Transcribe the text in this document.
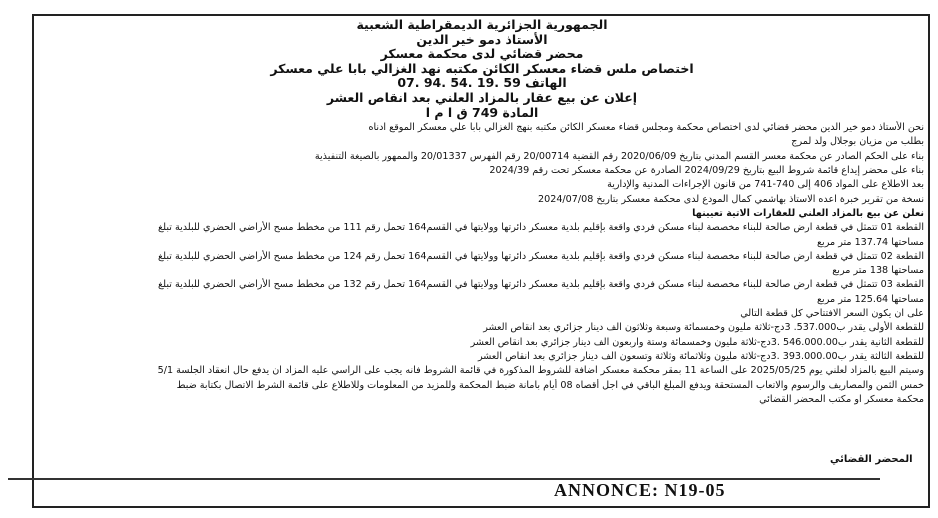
الجمهورية الجزائرية الديمقراطية الشعبية
الأستاذ دمو خير الدين
محضر قضائي لدى محكمة معسكر
اختصاص ملس قضاء معسكر الكائن مكتبه نهد الغزالي بابا علي معسكر
الهاتف 59 .19 .54 .94 .07
إعلان عن بيع عقار بالمزاد العلني بعد انقاص العشر
المادة 749 ق ا م ا
نحن الأستاذ دمو خير الدين محضر قضائي لدى اختصاص محكمة ومجلس قضاء معسكر الكائن مكتبه بنهج الغزالي بابا علي معسكر الموقع ادناه
بطلب من مزيان بوجلال ولد لمرج
بناء على الحكم الصادر عن محكمة معسر القسم المدني بتاريخ 2020/06/09 رقم القضية 20/00714 رقم الفهرس 20/01337 والممهور بالصيغة التنفيذية
بناء على محضر إيداع قائمة شروط البيع بتاريخ 2024/09/29 الصادرة عن محكمة معسكر تحت رقم 2024/39
بعد الاطلاع على المواد 406 إلى 740-741 من قانون الإجراءات المدنية والإدارية
نسخة من تقرير خبرة اعده الاستاذ بهاشمي كمال المودع لدى محكمة معسكر بتاريخ 2024/07/08
نعلن عن بيع بالمزاد العلني للعقارات الاتية تعيينها
القطعة 01 تتمثل في قطعة ارض صالحة للبناء مخصصة لبناء مسكن فردي واقعة بإقليم بلدية معسكر دائرتها وولايتها في القسم164 تحمل رقم 111 من مخطط مسح الأراضي الحضري للبلدية تبلغ
مساحتها 137.74 متر مربع
القطعة 02 تتمثل في قطعة ارض صالحة للبناء مخصصة لبناء مسكن فردي واقعة بإقليم بلدية معسكر دائرتها وولايتها في القسم164 تحمل رقم 124 من مخطط مسح الأراضي الحضري للبلدية تبلغ
مساحتها 138 متر مربع
القطعة 03 تتمثل في قطعة ارض صالحة للبناء مخصصة لبناء مسكن فردي واقعة بإقليم بلدية معسكر دائرتها وولايتها في القسم164 تحمل رقم 132 من مخطط مسح الأراضي الحضري للبلدية تبلغ
مساحتها 125.64 متر مربع
على ان يكون السعر الافتتاحي كل قطعة التالي
للقطعة الأولى يقدر ب537.000. 3دج-ثلاثة مليون وخمسمائة وسبعة وثلاثون الف دينار جزائري بعد انقاص العشر
للقطعة الثانية يقدر ب546.000.00 .3دج-ثلاثة مليون وخمسمائة وستة واربعون الف دينار جزائري بعد انقاص العشر
للقطعة الثالثة يقدر ب393.000.00 .3دج-ثلاثة مليون وثلاثمائة وثلاثة وتسعون الف دينار جزائري بعد انقاص العشر
وسيتم البيع بالمزاد لعلني يوم 2025/05/25 على الساعة 11 بمقر محكمة معسكر اضافة للشروط المذكورة في قائمة الشروط فانه يجب على الراسي عليه المزاد ان يدفع حال انعقاد الجلسة 5/1
خمس الثمن والمصاريف والرسوم والاتعاب المستحقة ويدفع المبلغ الباقي في اجل أقصاه 08 أيام بامانة ضبط المحكمة وللمزيد من المعلومات وللاطلاع على قائمة الشرط الاتصال بكتابة ضبط
محكمة معسكر او مكتب المحضر القضائي
المحضر القضائي
ANNONCE: N19-05
